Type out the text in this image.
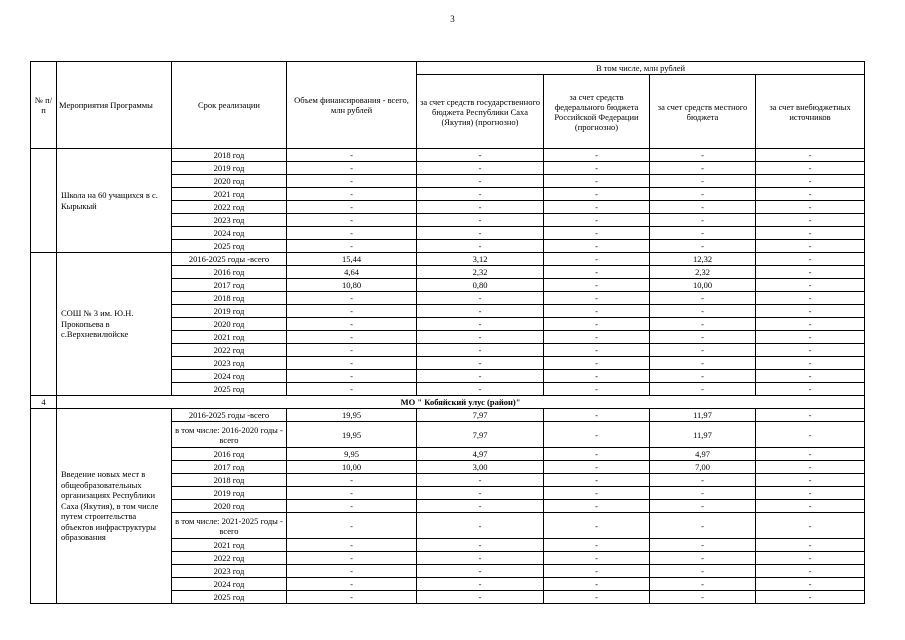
3
№ п/п	Мероприятия Программы	Срок реализации	Объем финансирования - всего, млн рублей	В том числе, млн рублей			
				за счет средств государственного бюджета Республики Саха (Якутия) (прогнозно)	за счет средств федерального бюджета Российской Федерации (прогнозно)	за счет средств местного бюджета	за счет внебюджетных источников
	Школа на 60 учащихся в с. Кырыкый	2018 год	-	-	-	-	-
		2019 год	-	-	-	-	-
		2020 год	-	-	-	-	-
		2021 год	-	-	-	-	-
		2022 год	-	-	-	-	-
		2023 год	-	-	-	-	-
		2024 год	-	-	-	-	-
		2025 год	-	-	-	-	-
	СОШ № 3 им. Ю.Н. Прокопьева в с.Верхневилюйске	2016-2025 годы -всего	15,44	3,12	-	12,32	-
		2016 год	4,64	2,32	-	2,32	-
		2017 год	10,80	0,80	-	10,00	-
		2018 год	-	-	-	-	-
		2019 год	-	-	-	-	-
		2020 год	-	-	-	-	-
		2021 год	-	-	-	-	-
		2022 год	-	-	-	-	-
		2023 год	-	-	-	-	-
		2024 год	-	-	-	-	-
		2025 год	-	-	-	-	-
4	МО " Кобяйский улус (район)"						
	Введение новых мест в общеобразовательных организациях Республики Саха (Якутия), в том числе путем строительства объектов инфраструктуры образования	2016-2025 годы -всего	19,95	7,97	-	11,97	-
		в том числе: 2016-2020 годы - всего	19,95	7,97	-	11,97	-
		2016 год	9,95	4,97	-	4,97	-
		2017 год	10,00	3,00	-	7,00	-
		2018 год	-	-	-	-	-
		2019 год	-	-	-	-	-
		2020 год	-	-	-	-	-
		в том числе: 2021-2025 годы - всего	-	-	-	-	-
		2021 год	-	-	-	-	-
		2022 год	-	-	-	-	-
		2023 год	-	-	-	-	-
		2024 год	-	-	-	-	-
		2025 год	-	-	-	-	-
